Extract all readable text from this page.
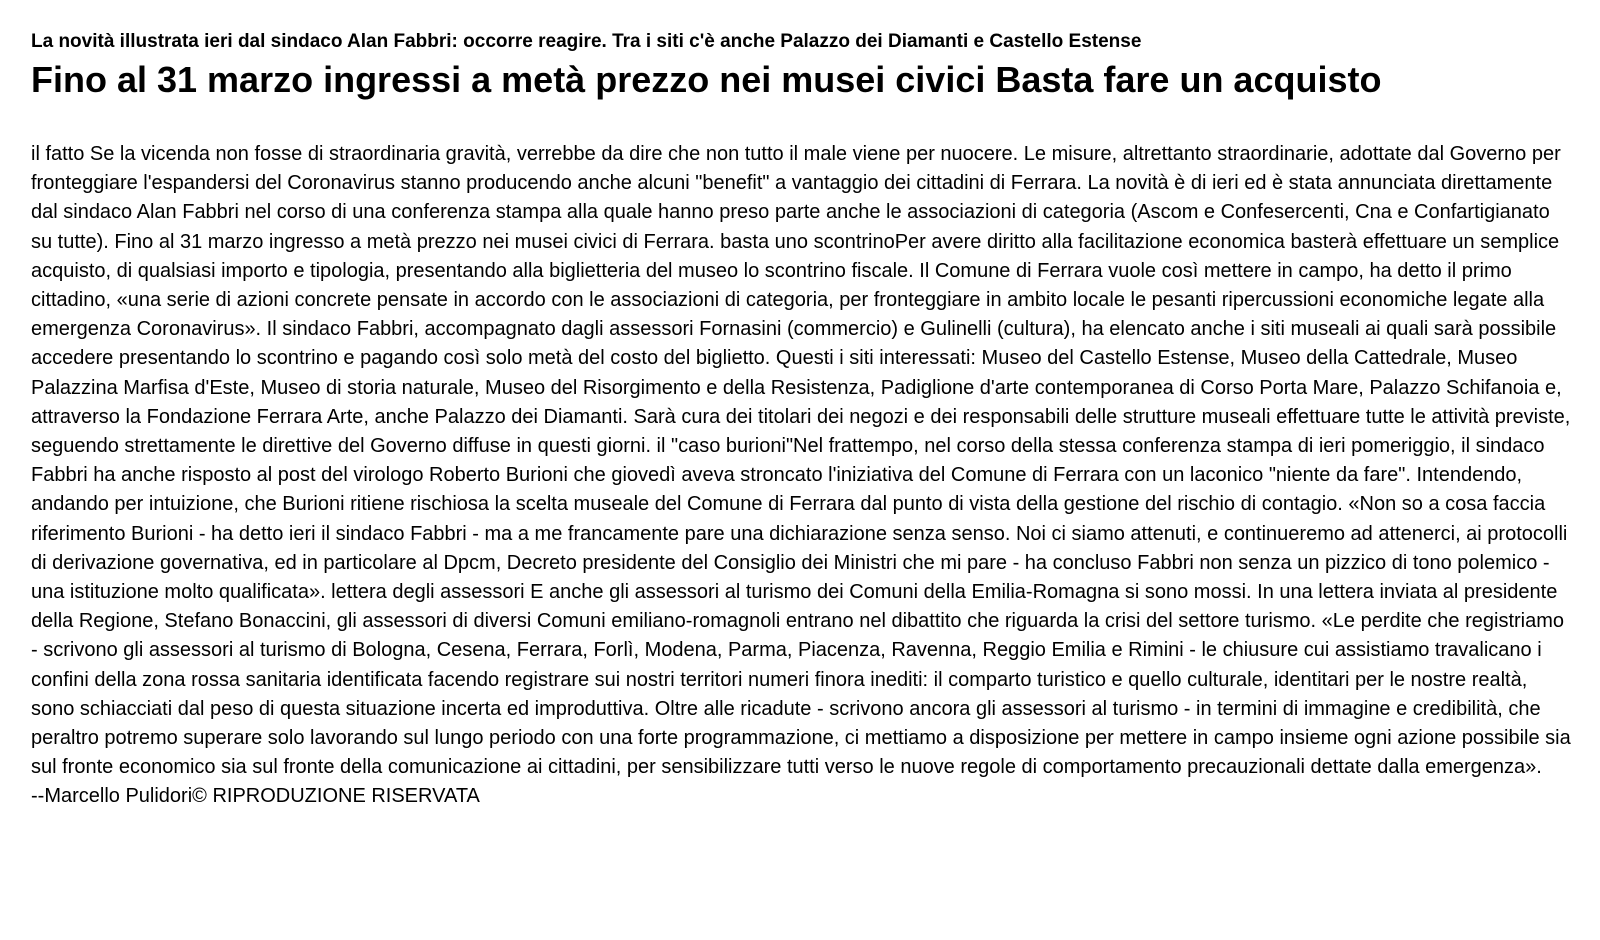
La novità illustrata ieri dal sindaco Alan Fabbri: occorre reagire. Tra i siti c'è anche Palazzo dei Diamanti e Castello Estense

Fino al 31 marzo ingressi a metà prezzo nei musei civici Basta fare un acquisto

il fatto Se la vicenda non fosse di straordinaria gravità, verrebbe da dire che non tutto il male viene per nuocere. Le misure, altrettanto straordinarie, adottate dal Governo per fronteggiare l'espandersi del Coronavirus stanno producendo anche alcuni "benefit" a vantaggio dei cittadini di Ferrara. La novità è di ieri ed è stata annunciata direttamente dal sindaco Alan Fabbri nel corso di una conferenza stampa alla quale hanno preso parte anche le associazioni di categoria (Ascom e Confesercenti, Cna e Confartigianato su tutte). Fino al 31 marzo ingresso a metà prezzo nei musei civici di Ferrara. basta uno scontrinoPer avere diritto alla facilitazione economica basterà effettuare un semplice acquisto, di qualsiasi importo e tipologia, presentando alla biglietteria del museo lo scontrino fiscale. Il Comune di Ferrara vuole così mettere in campo, ha detto il primo cittadino, «una serie di azioni concrete pensate in accordo con le associazioni di categoria, per fronteggiare in ambito locale le pesanti ripercussioni economiche legate alla emergenza Coronavirus». Il sindaco Fabbri, accompagnato dagli assessori Fornasini (commercio) e Gulinelli (cultura), ha elencato anche i siti museali ai quali sarà possibile accedere presentando lo scontrino e pagando così solo metà del costo del biglietto. Questi i siti interessati: Museo del Castello Estense, Museo della Cattedrale, Museo Palazzina Marfisa d'Este, Museo di storia naturale, Museo del Risorgimento e della Resistenza, Padiglione d'arte contemporanea di Corso Porta Mare, Palazzo Schifanoia e, attraverso la Fondazione Ferrara Arte, anche Palazzo dei Diamanti. Sarà cura dei titolari dei negozi e dei responsabili delle strutture museali effettuare tutte le attività previste, seguendo strettamente le direttive del Governo diffuse in questi giorni. il "caso burioni"Nel frattempo, nel corso della stessa conferenza stampa di ieri pomeriggio, il sindaco Fabbri ha anche risposto al post del virologo Roberto Burioni che giovedì aveva stroncato l'iniziativa del Comune di Ferrara con un laconico "niente da fare". Intendendo, andando per intuizione, che Burioni ritiene rischiosa la scelta museale del Comune di Ferrara dal punto di vista della gestione del rischio di contagio. «Non so a cosa faccia riferimento Burioni - ha detto ieri il sindaco Fabbri - ma a me francamente pare una dichiarazione senza senso. Noi ci siamo attenuti, e continueremo ad attenerci, ai protocolli di derivazione governativa, ed in particolare al Dpcm, Decreto presidente del Consiglio dei Ministri che mi pare - ha concluso Fabbri non senza un pizzico di tono polemico - una istituzione molto qualificata». lettera degli assessori E anche gli assessori al turismo dei Comuni della Emilia-Romagna si sono mossi. In una lettera inviata al presidente della Regione, Stefano Bonaccini, gli assessori di diversi Comuni emiliano-romagnoli entrano nel dibattito che riguarda la crisi del settore turismo. «Le perdite che registriamo - scrivono gli assessori al turismo di Bologna, Cesena, Ferrara, Forlì, Modena, Parma, Piacenza, Ravenna, Reggio Emilia e Rimini - le chiusure cui assistiamo travalicano i confini della zona rossa sanitaria identificata facendo registrare sui nostri territori numeri finora inediti: il comparto turistico e quello culturale, identitari per le nostre realtà, sono schiacciati dal peso di questa situazione incerta ed improduttiva. Oltre alle ricadute - scrivono ancora gli assessori al turismo - in termini di immagine e credibilità, che peraltro potremo superare solo lavorando sul lungo periodo con una forte programmazione, ci mettiamo a disposizione per mettere in campo insieme ogni azione possibile sia sul fronte economico sia sul fronte della comunicazione ai cittadini, per sensibilizzare tutti verso le nuove regole di comportamento precauzionali dettate dalla emergenza».

--Marcello Pulidori© RIPRODUZIONE RISERVATA
